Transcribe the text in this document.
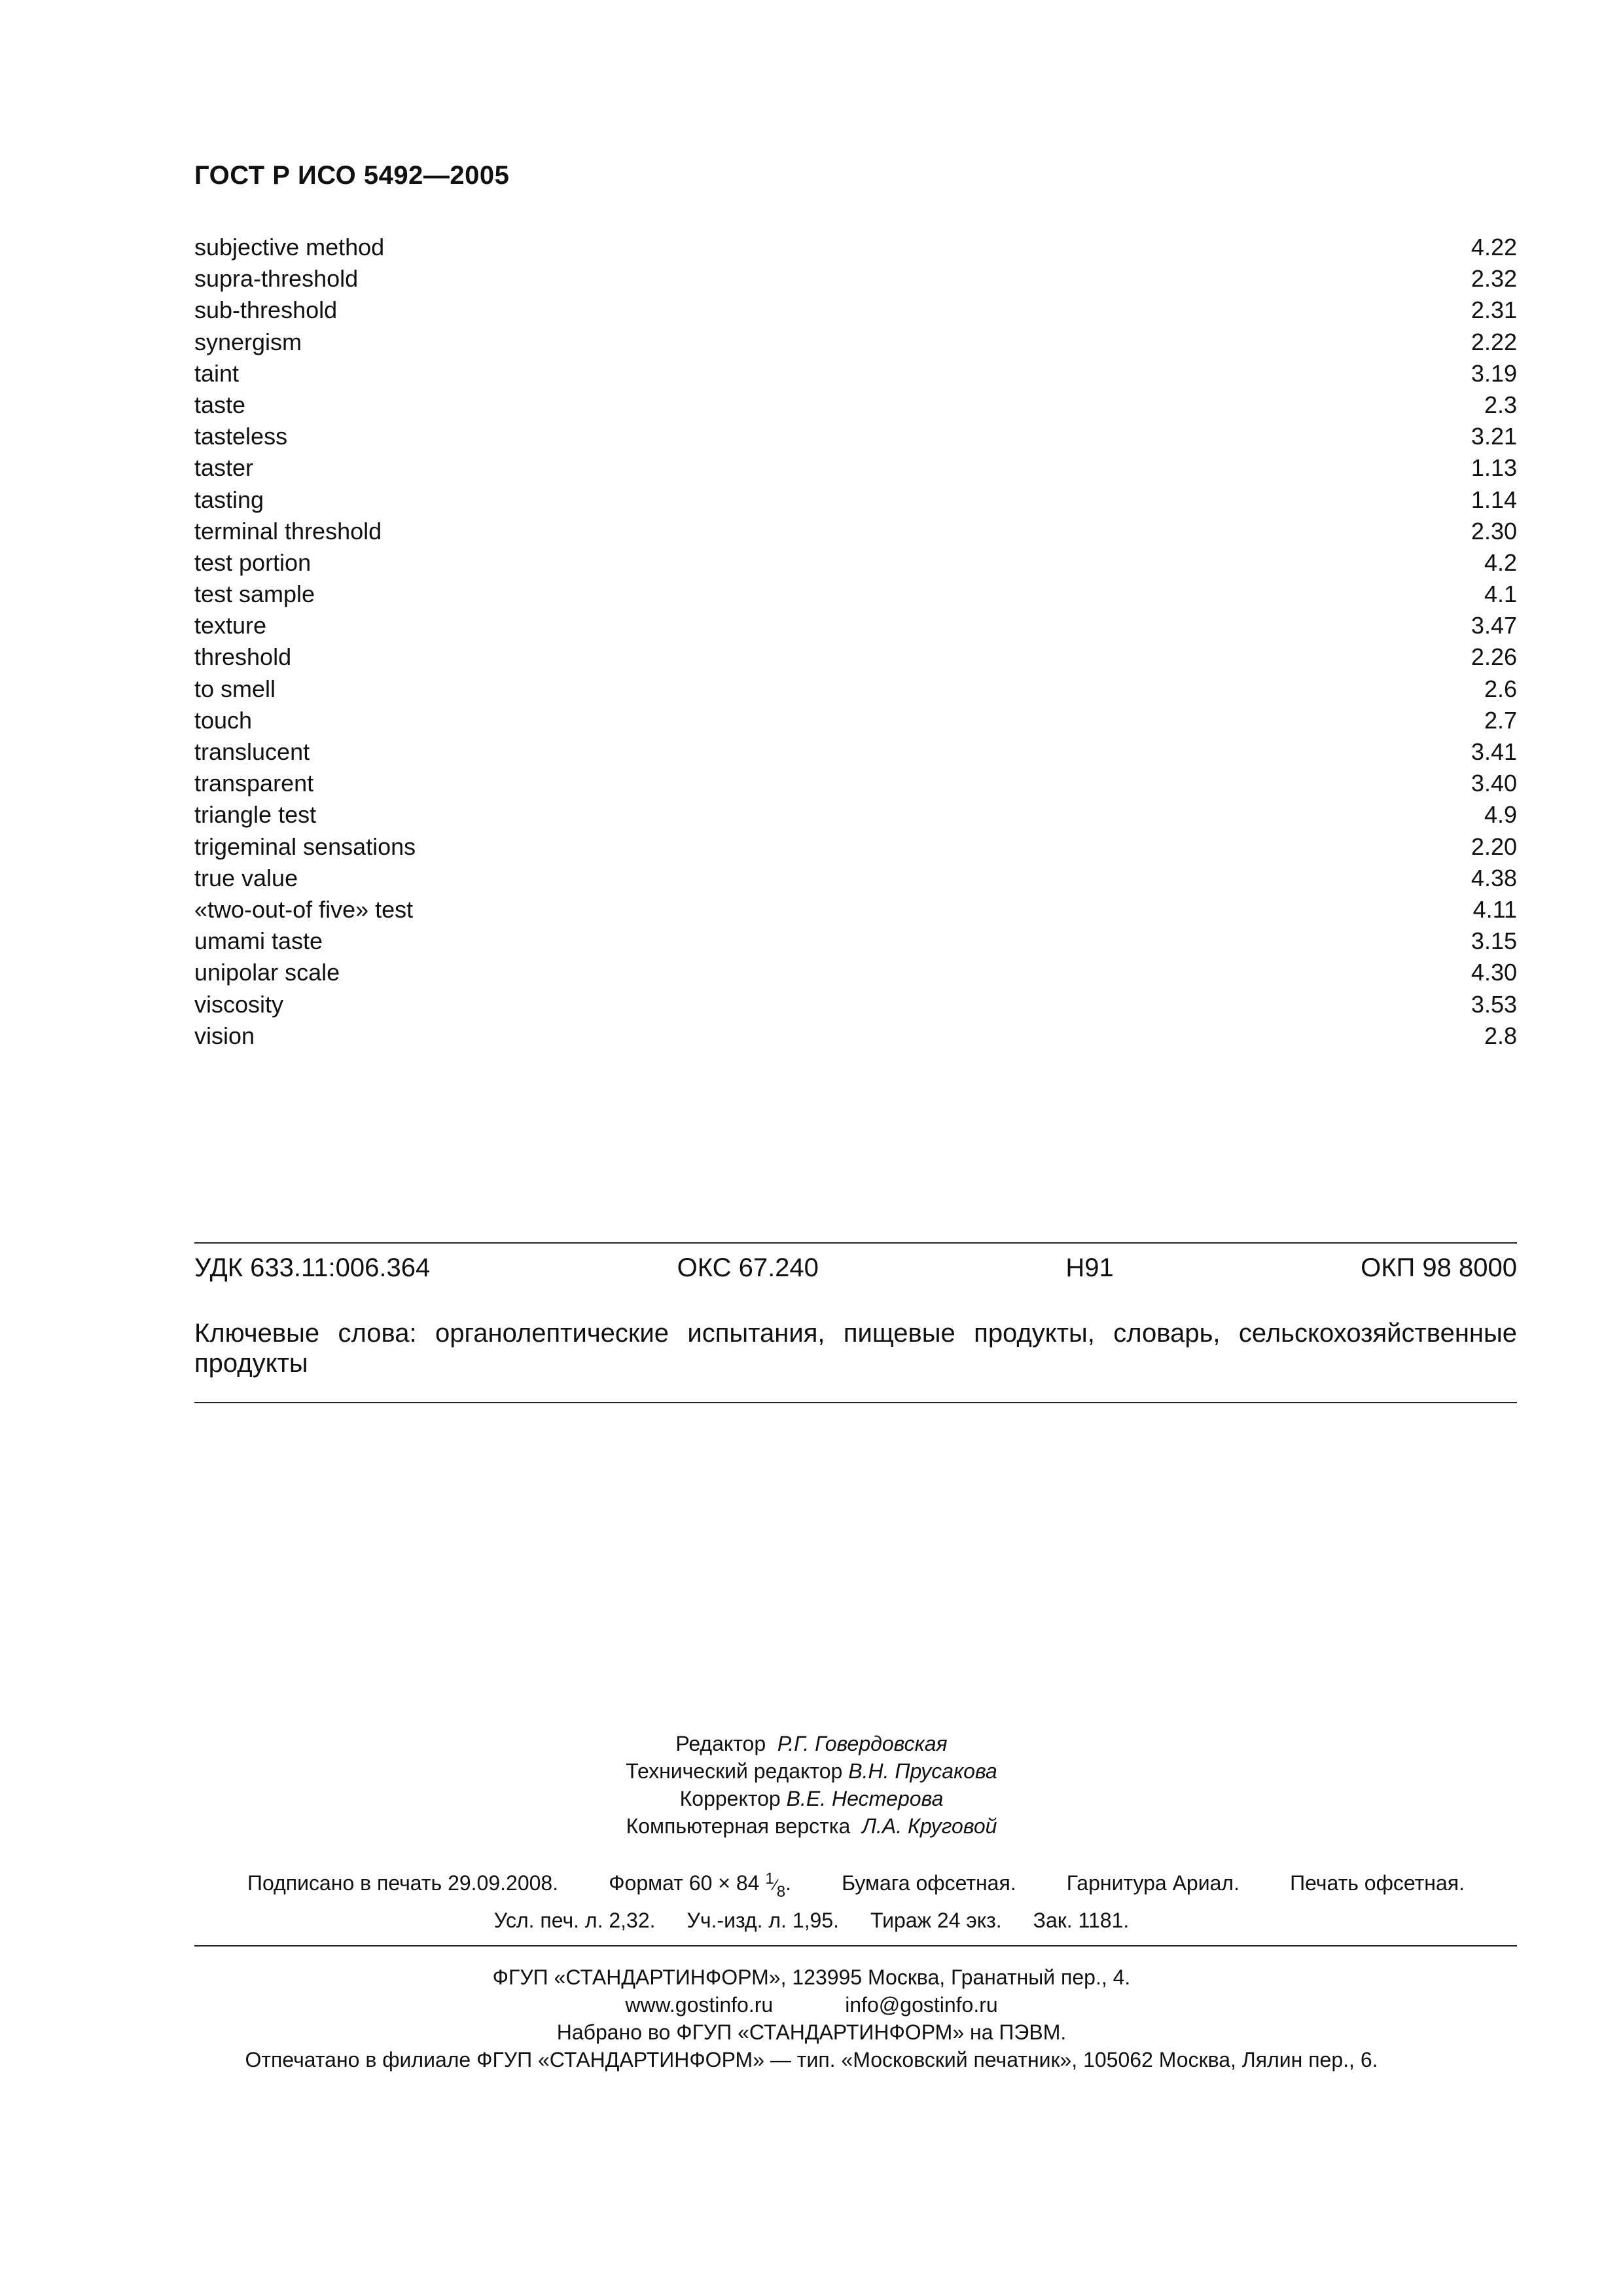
ГОСТ Р ИСО 5492—2005
subjective method	4.22
supra-threshold	2.32
sub-threshold	2.31
synergism	2.22
taint	3.19
taste	2.3
tasteless	3.21
taster	1.13
tasting	1.14
terminal threshold	2.30
test portion	4.2
test sample	4.1
texture	3.47
threshold	2.26
to smell	2.6
touch	2.7
translucent	3.41
transparent	3.40
triangle test	4.9
trigeminal sensations	2.20
true value	4.38
«two-out-of five» test	4.11
umami taste	3.15
unipolar scale	4.30
viscosity	3.53
vision	2.8
УДК 633.11:006.364	ОКС 67.240	Н91	ОКП 98 8000
Ключевые слова: органолептические испытания, пищевые продукты, словарь, сельскохозяйственные продукты
Редактор Р.Г. Говердовская
Технический редактор В.Н. Прусакова
Корректор В.Е. Нестерова
Компьютерная верстка Л.А. Круговой
Подписано в печать 29.09.2008. Формат 60 × 84 1⁄8. Бумага офсетная. Гарнитура Ариал. Печать офсетная.
Усл. печ. л. 2,32. Уч.-изд. л. 1,95. Тираж 24 экз. Зак. 1181.
ФГУП «СТАНДАРТИНФОРМ», 123995 Москва, Гранатный пер., 4.
www.gostinfo.ru	info@gostinfo.ru
Набрано во ФГУП «СТАНДАРТИНФОРМ» на ПЭВМ.
Отпечатано в филиале ФГУП «СТАНДАРТИНФОРМ» — тип. «Московский печатник», 105062 Москва, Лялин пер., 6.
